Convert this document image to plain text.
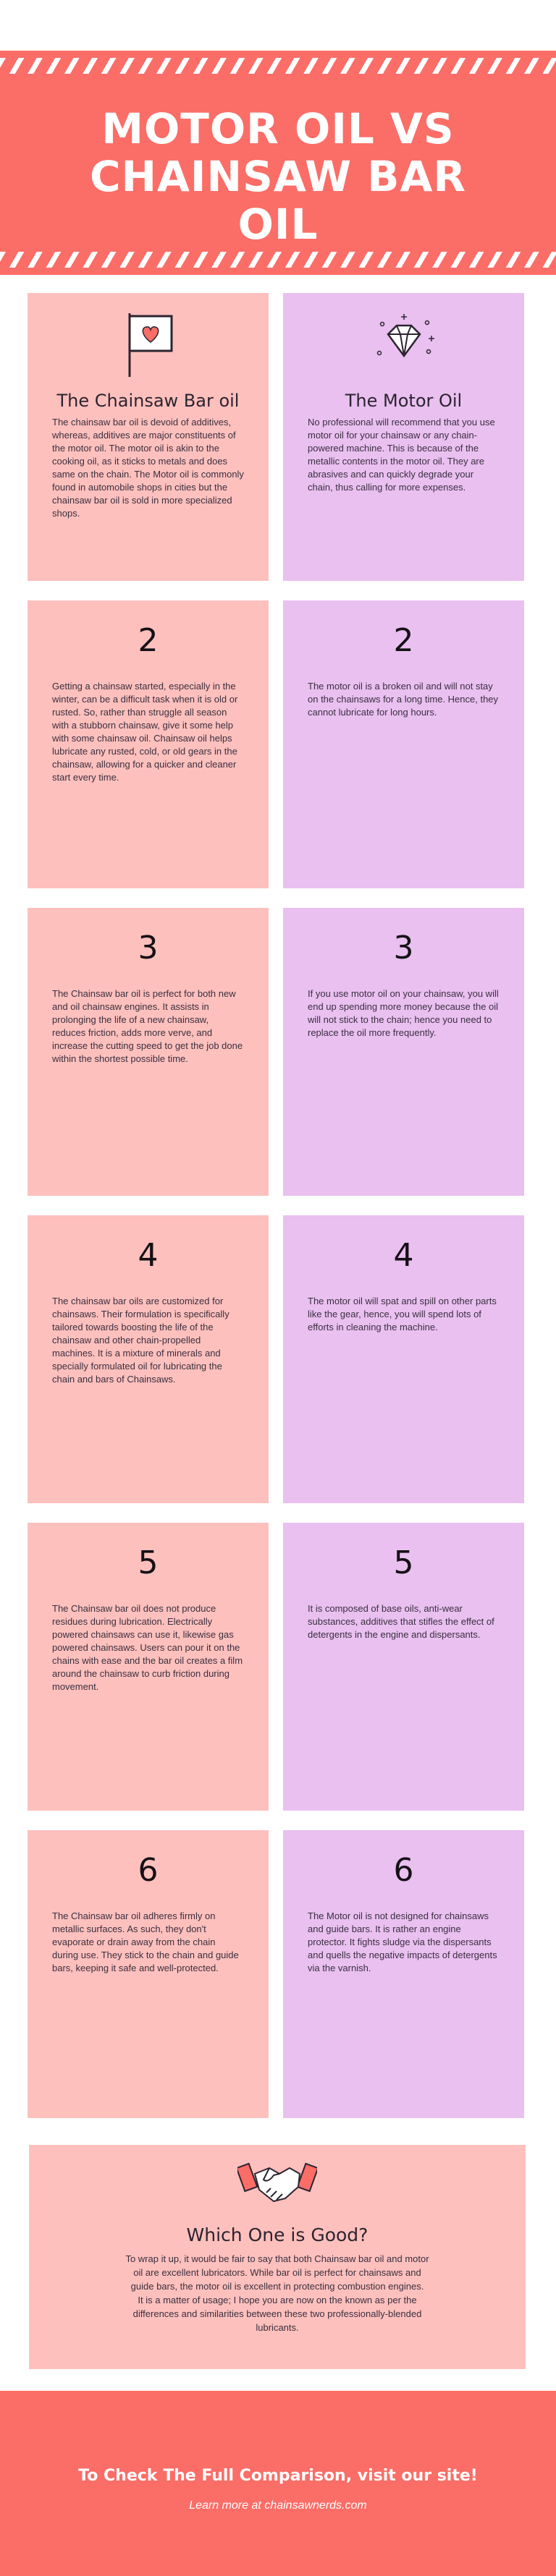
MOTOR OIL VS CHAINSAW BAR OIL
The Chainsaw Bar oil
The chainsaw bar oil is devoid of additives, whereas, additives are major constituents of the motor oil. The motor oil is akin to the cooking oil, as it sticks to metals and does same on the chain. The Motor oil is commonly found in automobile shops in cities but the chainsaw bar oil is sold in more specialized shops.
The Motor Oil
No professional will recommend that you use motor oil for your chainsaw or any chain-powered machine. This is because of the metallic contents in the motor oil. They are abrasives and can quickly degrade your chain, thus calling for more expenses.
2
Getting a chainsaw started, especially in the winter, can be a difficult task when it is old or rusted. So, rather than struggle all season with a stubborn chainsaw, give it some help with some chainsaw oil. Chainsaw oil helps lubricate any rusted, cold, or old gears in the chainsaw, allowing for a quicker and cleaner start every time.
2
The motor oil is a broken oil and will not stay on the chainsaws for a long time. Hence, they cannot lubricate for long hours.
3
The Chainsaw bar oil is perfect for both new and oil chainsaw engines. It assists in prolonging the life of a new chainsaw, reduces friction, adds more verve, and increase the cutting speed to get the job done within the shortest possible time.
3
If you use motor oil on your chainsaw, you will end up spending more money because the oil will not stick to the chain; hence you need to replace the oil more frequently.
4
The chainsaw bar oils are customized for chainsaws. Their formulation is specifically tailored towards boosting the life of the chainsaw and other chain-propelled machines. It is a mixture of minerals and specially formulated oil for lubricating the chain and bars of Chainsaws.
4
The motor oil will spat and spill on other parts like the gear, hence, you will spend lots of efforts in cleaning the machine.
5
The Chainsaw bar oil does not produce residues during lubrication. Electrically powered chainsaws can use it, likewise gas powered chainsaws. Users can pour it on the chains with ease and the bar oil creates a film around the chainsaw to curb friction during movement.
5
It is composed of base oils, anti-wear substances, additives that stifles the effect of detergents in the engine and dispersants.
6
The Chainsaw bar oil adheres firmly on metallic surfaces. As such, they don't evaporate or drain away from the chain during use. They stick to the chain and guide bars, keeping it safe and well-protected.
6
The Motor oil is not designed for chainsaws and guide bars. It is rather an engine protector. It fights sludge via the dispersants and quells the negative impacts of detergents via the varnish.
Which One is Good?

To wrap it up, it would be fair to say that both Chainsaw bar oil and motor oil are excellent lubricators. While bar oil is perfect for chainsaws and guide bars, the motor oil is excellent in protecting combustion engines.

It is a matter of usage; I hope you are now on the known as per the differences and similarities between these two professionally-blended lubricants.

To Check The Full Comparison, visit our site!
Learn more at chainsawnerds.com
